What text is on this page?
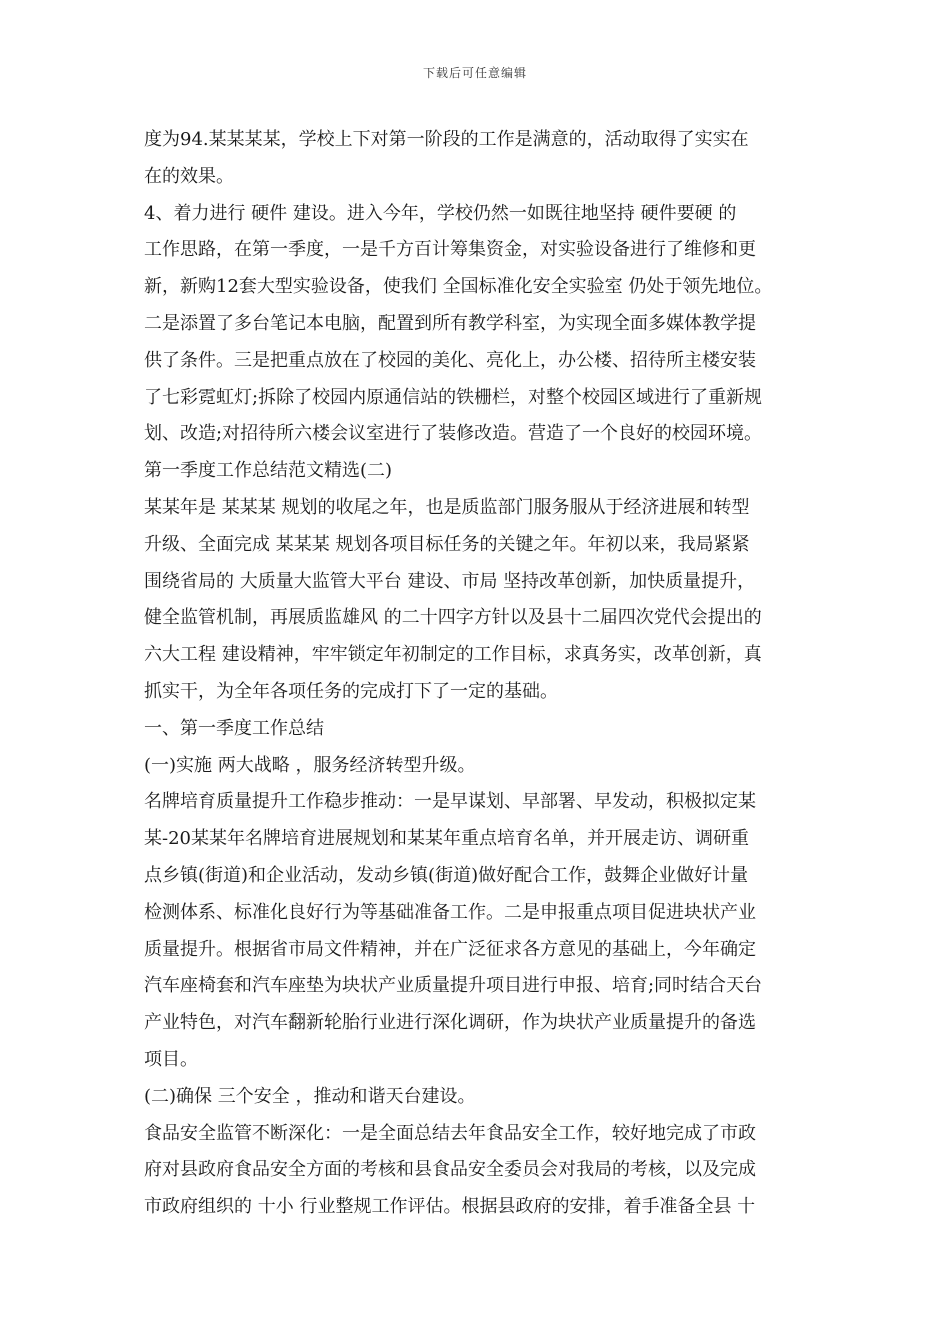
下载后可任意编辑
度为94.某某某某，学校上下对第一阶段的工作是满意的，活动取得了实实在
在的效果。
4、着力进行 硬件 建设。进入今年，学校仍然一如既往地坚持 硬件要硬 的
工作思路，在第一季度，一是千方百计筹集资金，对实验设备进行了维修和更
新，新购12套大型实验设备，使我们 全国标准化安全实验室 仍处于领先地位。
二是添置了多台笔记本电脑，配置到所有教学科室，为实现全面多媒体教学提
供了条件。三是把重点放在了校园的美化、亮化上，办公楼、招待所主楼安装
了七彩霓虹灯;拆除了校园内原通信站的铁栅栏，对整个校园区域进行了重新规
划、改造;对招待所六楼会议室进行了装修改造。营造了一个良好的校园环境。
第一季度工作总结范文精选(二)
某某年是 某某某 规划的收尾之年，也是质监部门服务服从于经济进展和转型
升级、全面完成 某某某 规划各项目标任务的关键之年。年初以来，我局紧紧
围绕省局的 大质量大监管大平台 建设、市局 坚持改革创新，加快质量提升，
健全监管机制，再展质监雄风 的二十四字方针以及县十二届四次党代会提出的
六大工程 建设精神，牢牢锁定年初制定的工作目标，求真务实，改革创新，真
抓实干，为全年各项任务的完成打下了一定的基础。
一、第一季度工作总结
(一)实施 两大战略 ，服务经济转型升级。
名牌培育质量提升工作稳步推动：一是早谋划、早部署、早发动，积极拟定某
某-20某某年名牌培育进展规划和某某年重点培育名单，并开展走访、调研重
点乡镇(街道)和企业活动，发动乡镇(街道)做好配合工作，鼓舞企业做好计量
检测体系、标准化良好行为等基础准备工作。二是申报重点项目促进块状产业
质量提升。根据省市局文件精神，并在广泛征求各方意见的基础上，今年确定
汽车座椅套和汽车座垫为块状产业质量提升项目进行申报、培育;同时结合天台
产业特色，对汽车翻新轮胎行业进行深化调研，作为块状产业质量提升的备选
项目。
(二)确保 三个安全 ，推动和谐天台建设。
食品安全监管不断深化：一是全面总结去年食品安全工作，较好地完成了市政
府对县政府食品安全方面的考核和县食品安全委员会对我局的考核，以及完成
市政府组织的 十小 行业整规工作评估。根据县政府的安排，着手准备全县 十
